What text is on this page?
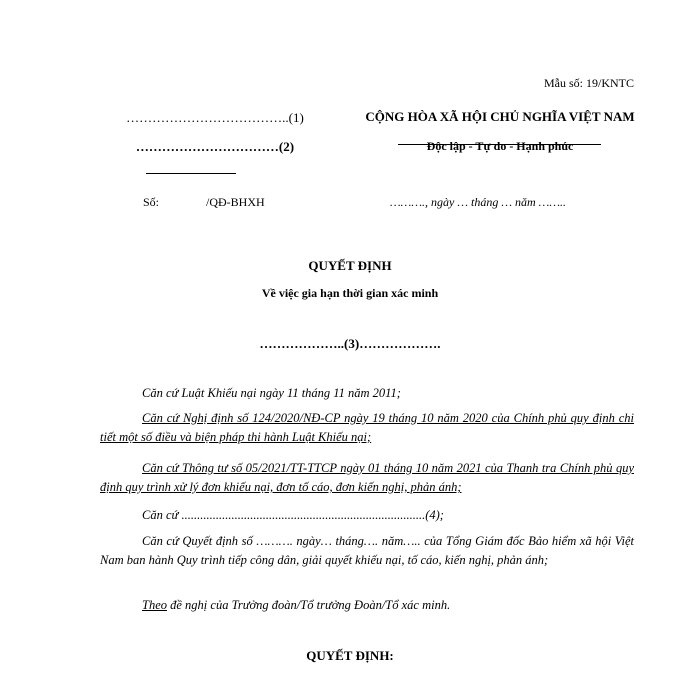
Mẫu số: 19/KNTC
………………………………..(1)
……………………………(2)
CỘNG HÒA XÃ HỘI CHỦ NGHĨA VIỆT NAM
Độc lập - Tự do - Hạnh phúc
Số:	/QĐ-BHXH	………., ngày … tháng … năm ……..
QUYẾT ĐỊNH
Về việc gia hạn thời gian xác minh
………………..(3)……………….
Căn cứ Luật Khiếu nại ngày 11 tháng 11 năm 2011;
Căn cứ Nghị định số 124/2020/NĐ-CP ngày 19 tháng 10 năm 2020 của Chính phủ quy định chi tiết một số điều và biện pháp thi hành Luật Khiếu nại;
Căn cứ Thông tư số 05/2021/TT-TTCP ngày 01 tháng 10 năm 2021 của Thanh tra Chính phủ quy định quy trình xử lý đơn khiếu nại, đơn tố cáo, đơn kiến nghị, phản ánh;
Căn cứ ..............................................................................(4);
Căn cứ Quyết định số ………. ngày… tháng…. năm….. của Tổng Giám đốc Bảo hiểm xã hội Việt Nam ban hành Quy trình tiếp công dân, giải quyết khiếu nại, tố cáo, kiến nghị, phản ánh;
Theo đề nghị của Trưởng đoàn/Tổ trưởng Đoàn/Tổ xác minh.
QUYẾT ĐỊNH:
